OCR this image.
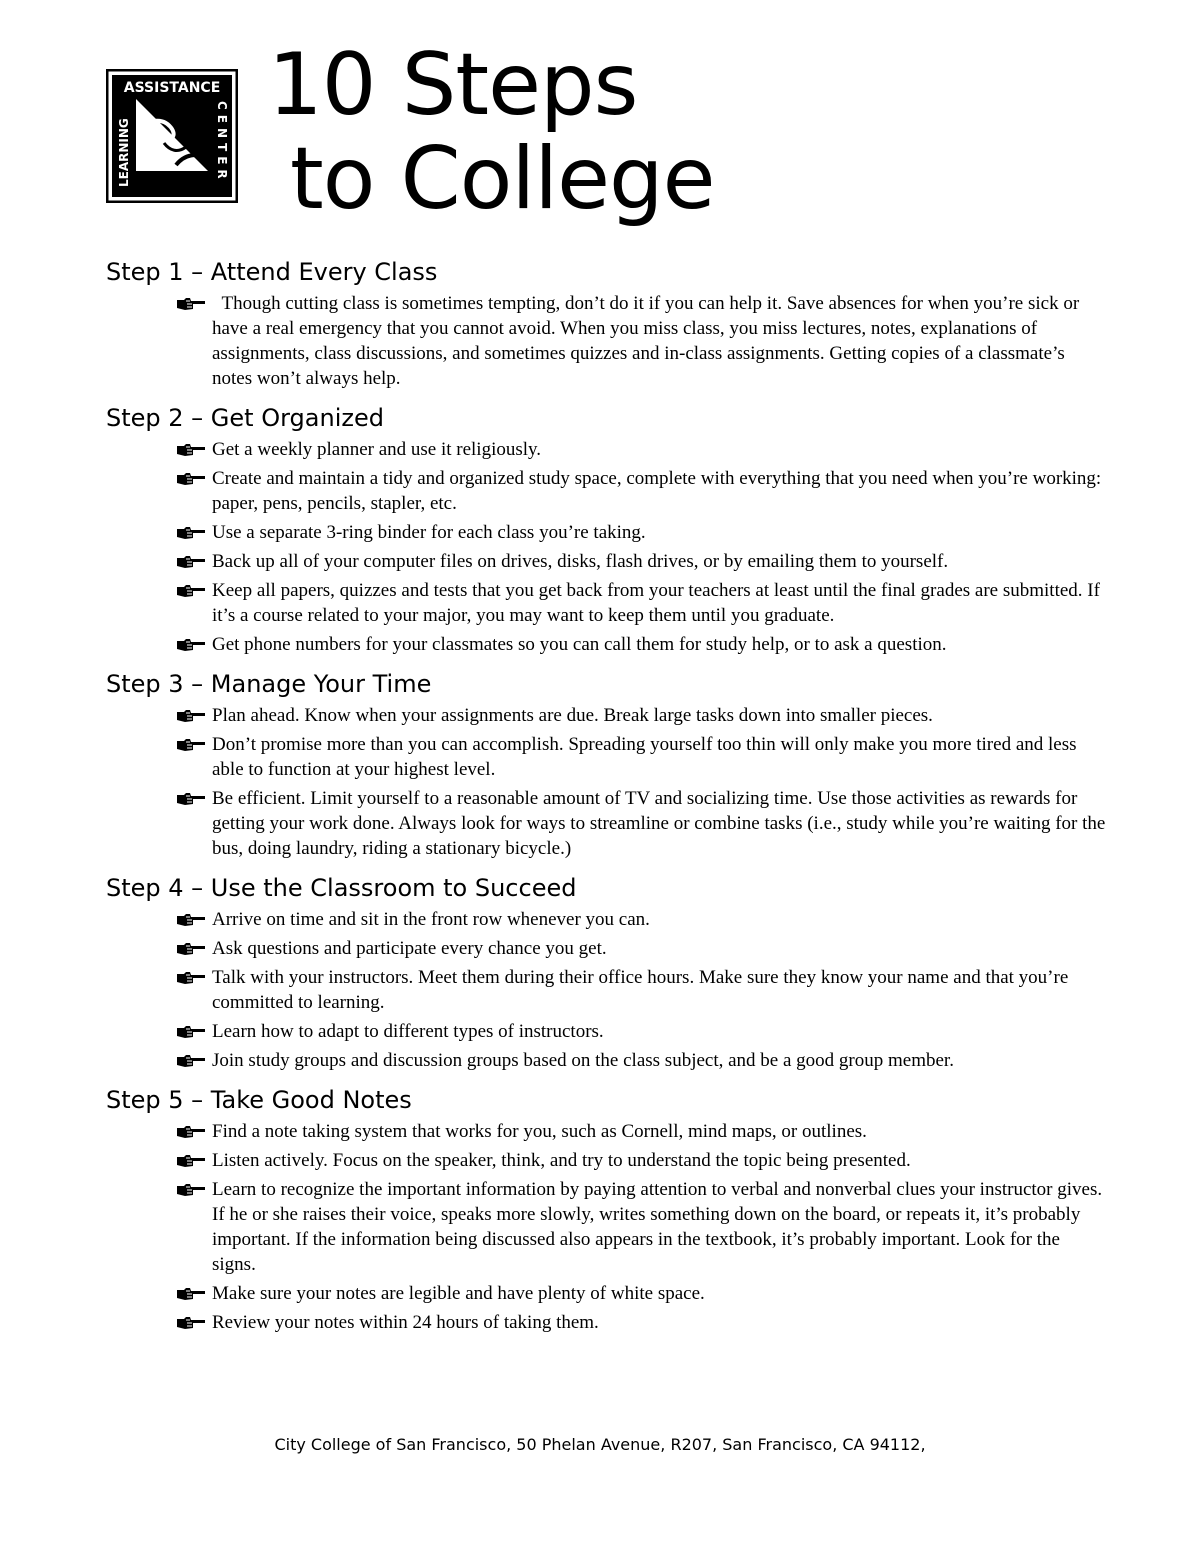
ASSISTANCE
LEARNING	CENTER
10 Steps
to College
Step 1 – Attend Every Class
Though cutting class is sometimes tempting, don’t do it if you can help it. Save absences for when you’re sick or have a real emergency that you cannot avoid. When you miss class, you miss lectures, notes, explanations of assignments, class discussions, and sometimes quizzes and in-class assignments. Getting copies of a classmate’s notes won’t always help.
Step 2 – Get Organized
Get a weekly planner and use it religiously.
Create and maintain a tidy and organized study space, complete with everything that you need when you’re working: paper, pens, pencils, stapler, etc.
Use a separate 3-ring binder for each class you’re taking.
Back up all of your computer files on drives, disks, flash drives, or by emailing them to yourself.
Keep all papers, quizzes and tests that you get back from your teachers at least until the final grades are submitted. If it’s a course related to your major, you may want to keep them until you graduate.
Get phone numbers for your classmates so you can call them for study help, or to ask a question.
Step 3 – Manage Your Time
Plan ahead. Know when your assignments are due. Break large tasks down into smaller pieces.
Don’t promise more than you can accomplish. Spreading yourself too thin will only make you more tired and less able to function at your highest level.
Be efficient. Limit yourself to a reasonable amount of TV and socializing time. Use those activities as rewards for getting your work done. Always look for ways to streamline or combine tasks (i.e., study while you’re waiting for the bus, doing laundry, riding a stationary bicycle.)
Step 4 – Use the Classroom to Succeed
Arrive on time and sit in the front row whenever you can.
Ask questions and participate every chance you get.
Talk with your instructors. Meet them during their office hours. Make sure they know your name and that you’re committed to learning.
Learn how to adapt to different types of instructors.
Join study groups and discussion groups based on the class subject, and be a good group member.
Step 5 – Take Good Notes
Find a note taking system that works for you, such as Cornell, mind maps, or outlines.
Listen actively. Focus on the speaker, think, and try to understand the topic being presented.
Learn to recognize the important information by paying attention to verbal and nonverbal clues your instructor gives. If he or she raises their voice, speaks more slowly, writes something down on the board, or repeats it, it’s probably important. If the information being discussed also appears in the textbook, it’s probably important. Look for the signs.
Make sure your notes are legible and have plenty of white space.
Review your notes within 24 hours of taking them.
City College of San Francisco, 50 Phelan Avenue, R207, San Francisco, CA 94112,
